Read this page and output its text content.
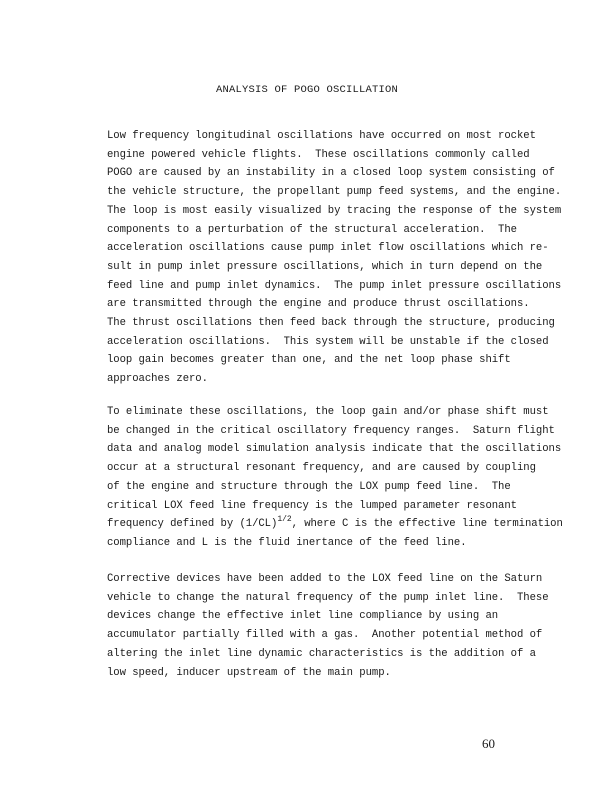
ANALYSIS OF POGO OSCILLATION
Low frequency longitudinal oscillations have occurred on most rocket
engine powered vehicle flights.  These oscillations commonly called
POGO are caused by an instability in a closed loop system consisting of
the vehicle structure, the propellant pump feed systems, and the engine.
The loop is most easily visualized by tracing the response of the system
components to a perturbation of the structural acceleration.  The
acceleration oscillations cause pump inlet flow oscillations which re-
sult in pump inlet pressure oscillations, which in turn depend on the
feed line and pump inlet dynamics.  The pump inlet pressure oscillations
are transmitted through the engine and produce thrust oscillations.
The thrust oscillations then feed back through the structure, producing
acceleration oscillations.  This system will be unstable if the closed
loop gain becomes greater than one, and the net loop phase shift
approaches zero.
To eliminate these oscillations, the loop gain and/or phase shift must
be changed in the critical oscillatory frequency ranges.  Saturn flight
data and analog model simulation analysis indicate that the oscillations
occur at a structural resonant frequency, and are caused by coupling
of the engine and structure through the LOX pump feed line.  The
critical LOX feed line frequency is the lumped parameter resonant
frequency defined by $(1/CL)^{1/2}$, where C is the effective line termination
compliance and L is the fluid inertance of the feed line.
Corrective devices have been added to the LOX feed line on the Saturn
vehicle to change the natural frequency of the pump inlet line.  These
devices change the effective inlet line compliance by using an
accumulator partially filled with a gas.  Another potential method of
altering the inlet line dynamic characteristics is the addition of a
low speed, inducer upstream of the main pump.
60
